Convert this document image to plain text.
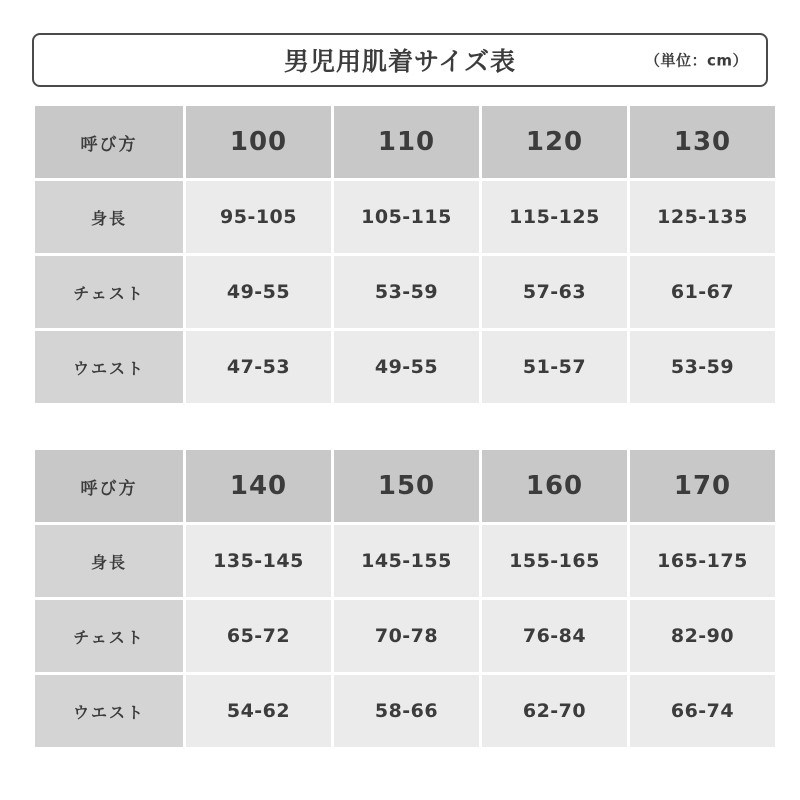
男児用肌着サイズ表	（単位：cm）
呼び方	100	110	120	130
身長	95-105	105-115	115-125	125-135
チェスト	49-55	53-59	57-63	61-67
ウエスト	47-53	49-55	51-57	53-59
呼び方	140	150	160	170
身長	135-145	145-155	155-165	165-175
チェスト	65-72	70-78	76-84	82-90
ウエスト	54-62	58-66	62-70	66-74
